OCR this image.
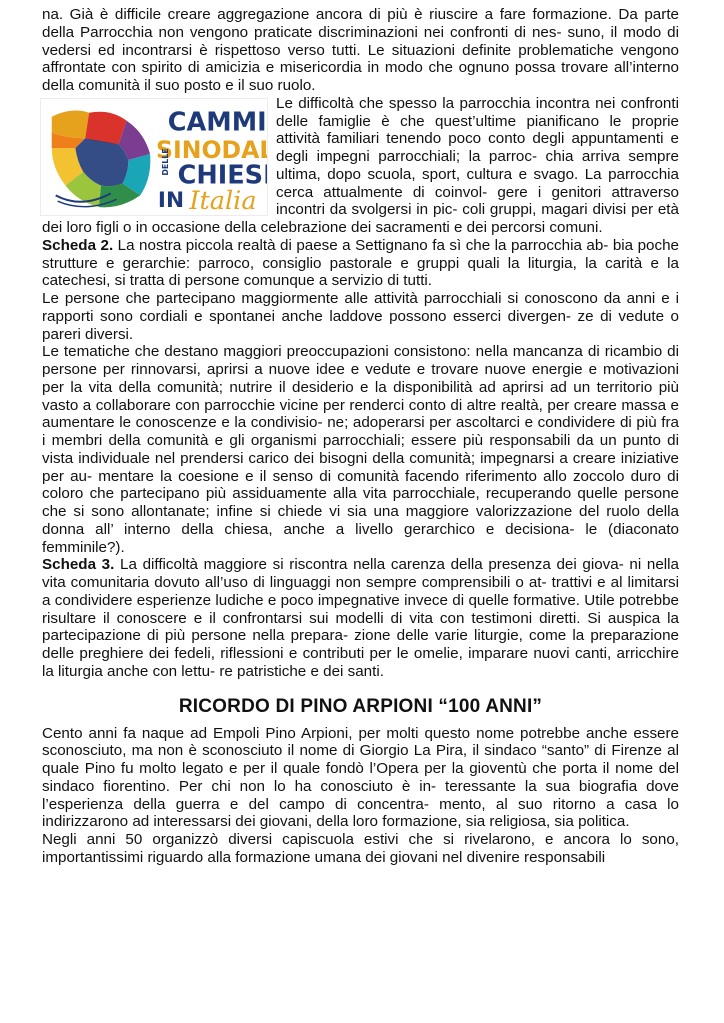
na. Già è difficile creare aggregazione ancora di più è riuscire a fare formazione. Da parte della Parrocchia non vengono praticate discriminazioni nei confronti di nes - suno, il modo di vedersi ed incontrarsi è rispettoso verso tutti. Le situazioni definite problematiche vengono affrontate con spirito di amicizia e misericordia in modo che ognuno possa trovare all’interno della comunità il suo posto e il suo ruolo.

CAMMI
SINODA
DELLE CHIES
IN Italia

Le difficoltà che spesso la parrocchia incontra nei confronti delle famiglie è che quest’ultime pianificano le proprie attività familiari tenendo poco conto degli appuntamenti e degli impegni parrocchiali; la parroc - chia arriva sempre ultima, dopo scuola, sport, cultura e svago. La parrocchia cerca attualmente di coinvol - gere i genitori attraverso incontri da svolgersi in pic - coli gruppi, magari divisi per età dei loro figli o in occasione della celebrazione dei sacramenti e dei percorsi comuni.

Scheda 2. La nostra piccola realtà di paese a Settignano fa sì che la parrocchia ab - bia poche strutture e gerarchie: parroco, consiglio pastorale e gruppi quali la liturgia, la carità e la catechesi, si tratta di persone comunque a servizio di tutti.

Le persone che partecipano maggiormente alle attività parrocchiali si conoscono da anni e i rapporti sono cordiali e spontanei anche laddove possono esserci divergen - ze di vedute o pareri diversi.

Le tematiche che destano maggiori preoccupazioni consistono: nella mancanza di ricambio di persone per rinnovarsi, aprirsi a nuove idee e vedute e trovare nuove energie e motivazioni per la vita della comunità; nutrire il desiderio e la disponibilità ad aprirsi ad un territorio più vasto a collaborare con parrocchie vicine per renderci conto di altre realtà, per creare massa e aumentare le conoscenze e la condivisio - ne; adoperarsi per ascoltarci e condividere di più fra i membri della comunità e gli organismi parrocchiali; essere più responsabili da un punto di vista individuale nel prendersi carico dei bisogni della comunità; impegnarsi a creare iniziative per au - mentare la coesione e il senso di comunità facendo riferimento allo zoccolo duro di coloro che partecipano più assiduamente alla vita parrocchiale, recuperando quelle persone che si sono allontanate; infine si chiede vi sia una maggiore valorizzazione del ruolo della donna all’ interno della chiesa, anche a livello gerarchico e decisiona - le (diaconato femminile?).

Scheda 3. La difficoltà maggiore si riscontra nella carenza della presenza dei giova - ni nella vita comunitaria dovuto all’uso di linguaggi non sempre comprensibili o at - trattivi e al limitarsi a condividere esperienze ludiche e poco impegnative invece di quelle formative. Utile potrebbe risultare il conoscere e il confrontarsi sui modelli di vita con testimoni diretti. Si auspica la partecipazione di più persone nella prepara - zione delle varie liturgie, come la preparazione delle preghiere dei fedeli, riflessioni e contributi per le omelie, imparare nuovi canti, arricchire la liturgia anche con lettu - re patristiche e dei santi.

RICORDO DI PINO ARPIONI “100 ANNI”

Cento anni fa naque ad Empoli Pino Arpioni, per molti questo nome potrebbe anche essere sconosciuto, ma non è sconosciuto il nome di Giorgio La Pira, il sindaco “santo” di Firenze al quale Pino fu molto legato e per il quale fondò l’Opera per la gioventù che porta il nome del sindaco fiorentino. Per chi non lo ha conosciuto è in - teressante la sua biografia dove l’esperienza della guerra e del campo di concentra - mento, al suo ritorno a casa lo indirizzarono ad interessarsi dei giovani, della loro formazione, sia religiosa, sia politica.

Negli anni 50 organizzò diversi capiscuola estivi che si rivelarono, e ancora lo sono, importantissimi riguardo alla formazione umana dei giovani nel divenire responsabili
